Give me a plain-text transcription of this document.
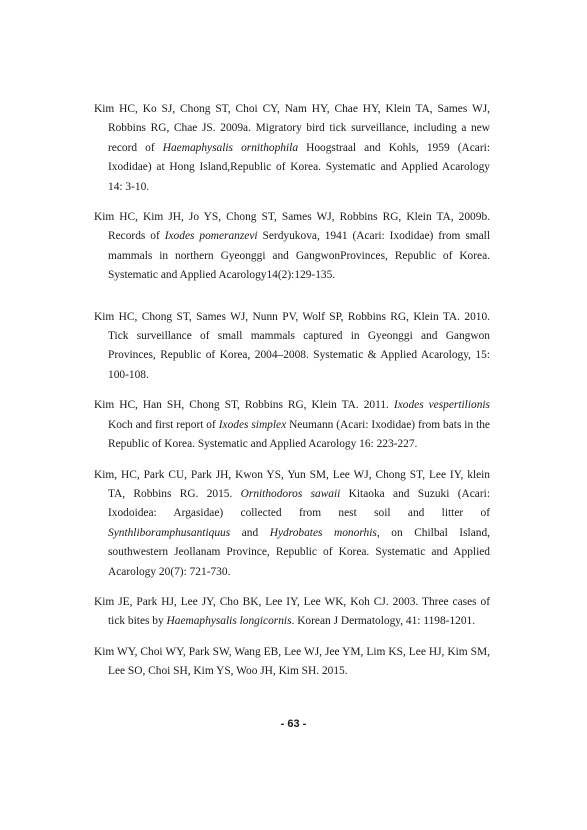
Kim HC, Ko SJ, Chong ST, Choi CY, Nam HY, Chae HY, Klein TA, Sames WJ, Robbins RG, Chae JS. 2009a. Migratory bird tick surveillance, including a new record of Haemaphysalis ornithophila Hoogstraal and Kohls, 1959 (Acari: Ixodidae) at Hong Island,Republic of Korea. Systematic and Applied Acarology 14: 3-10.

Kim HC, Kim JH, Jo YS, Chong ST, Sames WJ, Robbins RG, Klein TA, 2009b. Records of Ixodes pomeranzevi Serdyukova, 1941 (Acari: Ixodidae) from small mammals in northern Gyeonggi and GangwonProvinces, Republic of Korea. Systematic and Applied Acarology14(2):129-135.

Kim HC, Chong ST, Sames WJ, Nunn PV, Wolf SP, Robbins RG, Klein TA. 2010. Tick surveillance of small mammals captured in Gyeonggi and Gangwon Provinces, Republic of Korea, 2004–2008. Systematic & Applied Acarology, 15: 100-108.

Kim HC, Han SH, Chong ST, Robbins RG, Klein TA. 2011. Ixodes vespertilionis Koch and first report of Ixodes simplex Neumann (Acari: Ixodidae) from bats in the Republic of Korea. Systematic and Applied Acarology 16: 223-227.

Kim, HC, Park CU, Park JH, Kwon YS, Yun SM, Lee WJ, Chong ST, Lee IY, klein TA, Robbins RG. 2015. Ornithodoros sawaii Kitaoka and Suzuki (Acari: Ixodoidea: Argasidae) collected from nest soil and litter of Synthliboramphusantiquus and Hydrobates monorhis, on Chilbal Island, southwestern Jeollanam Province, Republic of Korea. Systematic and Applied Acarology 20(7): 721-730.

Kim JE, Park HJ, Lee JY, Cho BK, Lee IY, Lee WK, Koh CJ. 2003. Three cases of tick bites by Haemaphysalis longicornis. Korean J Dermatology, 41: 1198-1201.

Kim WY, Choi WY, Park SW, Wang EB, Lee WJ, Jee YM, Lim KS, Lee HJ, Kim SM, Lee SO, Choi SH, Kim YS, Woo JH, Kim SH. 2015.

- 63 -
